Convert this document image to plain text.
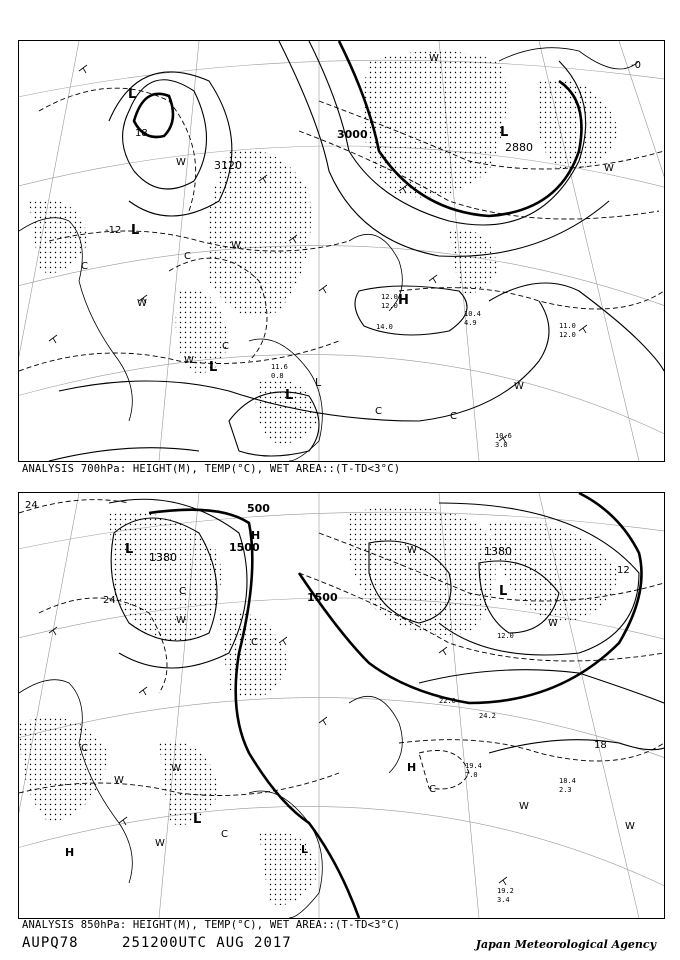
3000
3120
2880
-12
18
-0
L
L
L
L
L
H
L
W
W
C
W
C
C
C	C
W
W
W
W
12.0
12.0
14.0
10.6
3.0
11.0
12.0
10.4
4.9
11.6
0.8
ANALYSIS 700hPa: HEIGHT(M), TEMP(°C), WET AREA::(T-TD<3°C)
1500
500
1500
1380	1380
24
24
18
12
L
L
L
H
H
L
H
W
C
C
W
W
W
W
W
C
C
W
W
C
19.4
7.0
18.4
2.3
19.2
3.4
22.0
24.2
12.0
ANALYSIS 850hPa: HEIGHT(M), TEMP(°C), WET AREA::(T-TD<3°C)
AUPQ78	251200UTC AUG 2017	Japan Meteorological Agency
